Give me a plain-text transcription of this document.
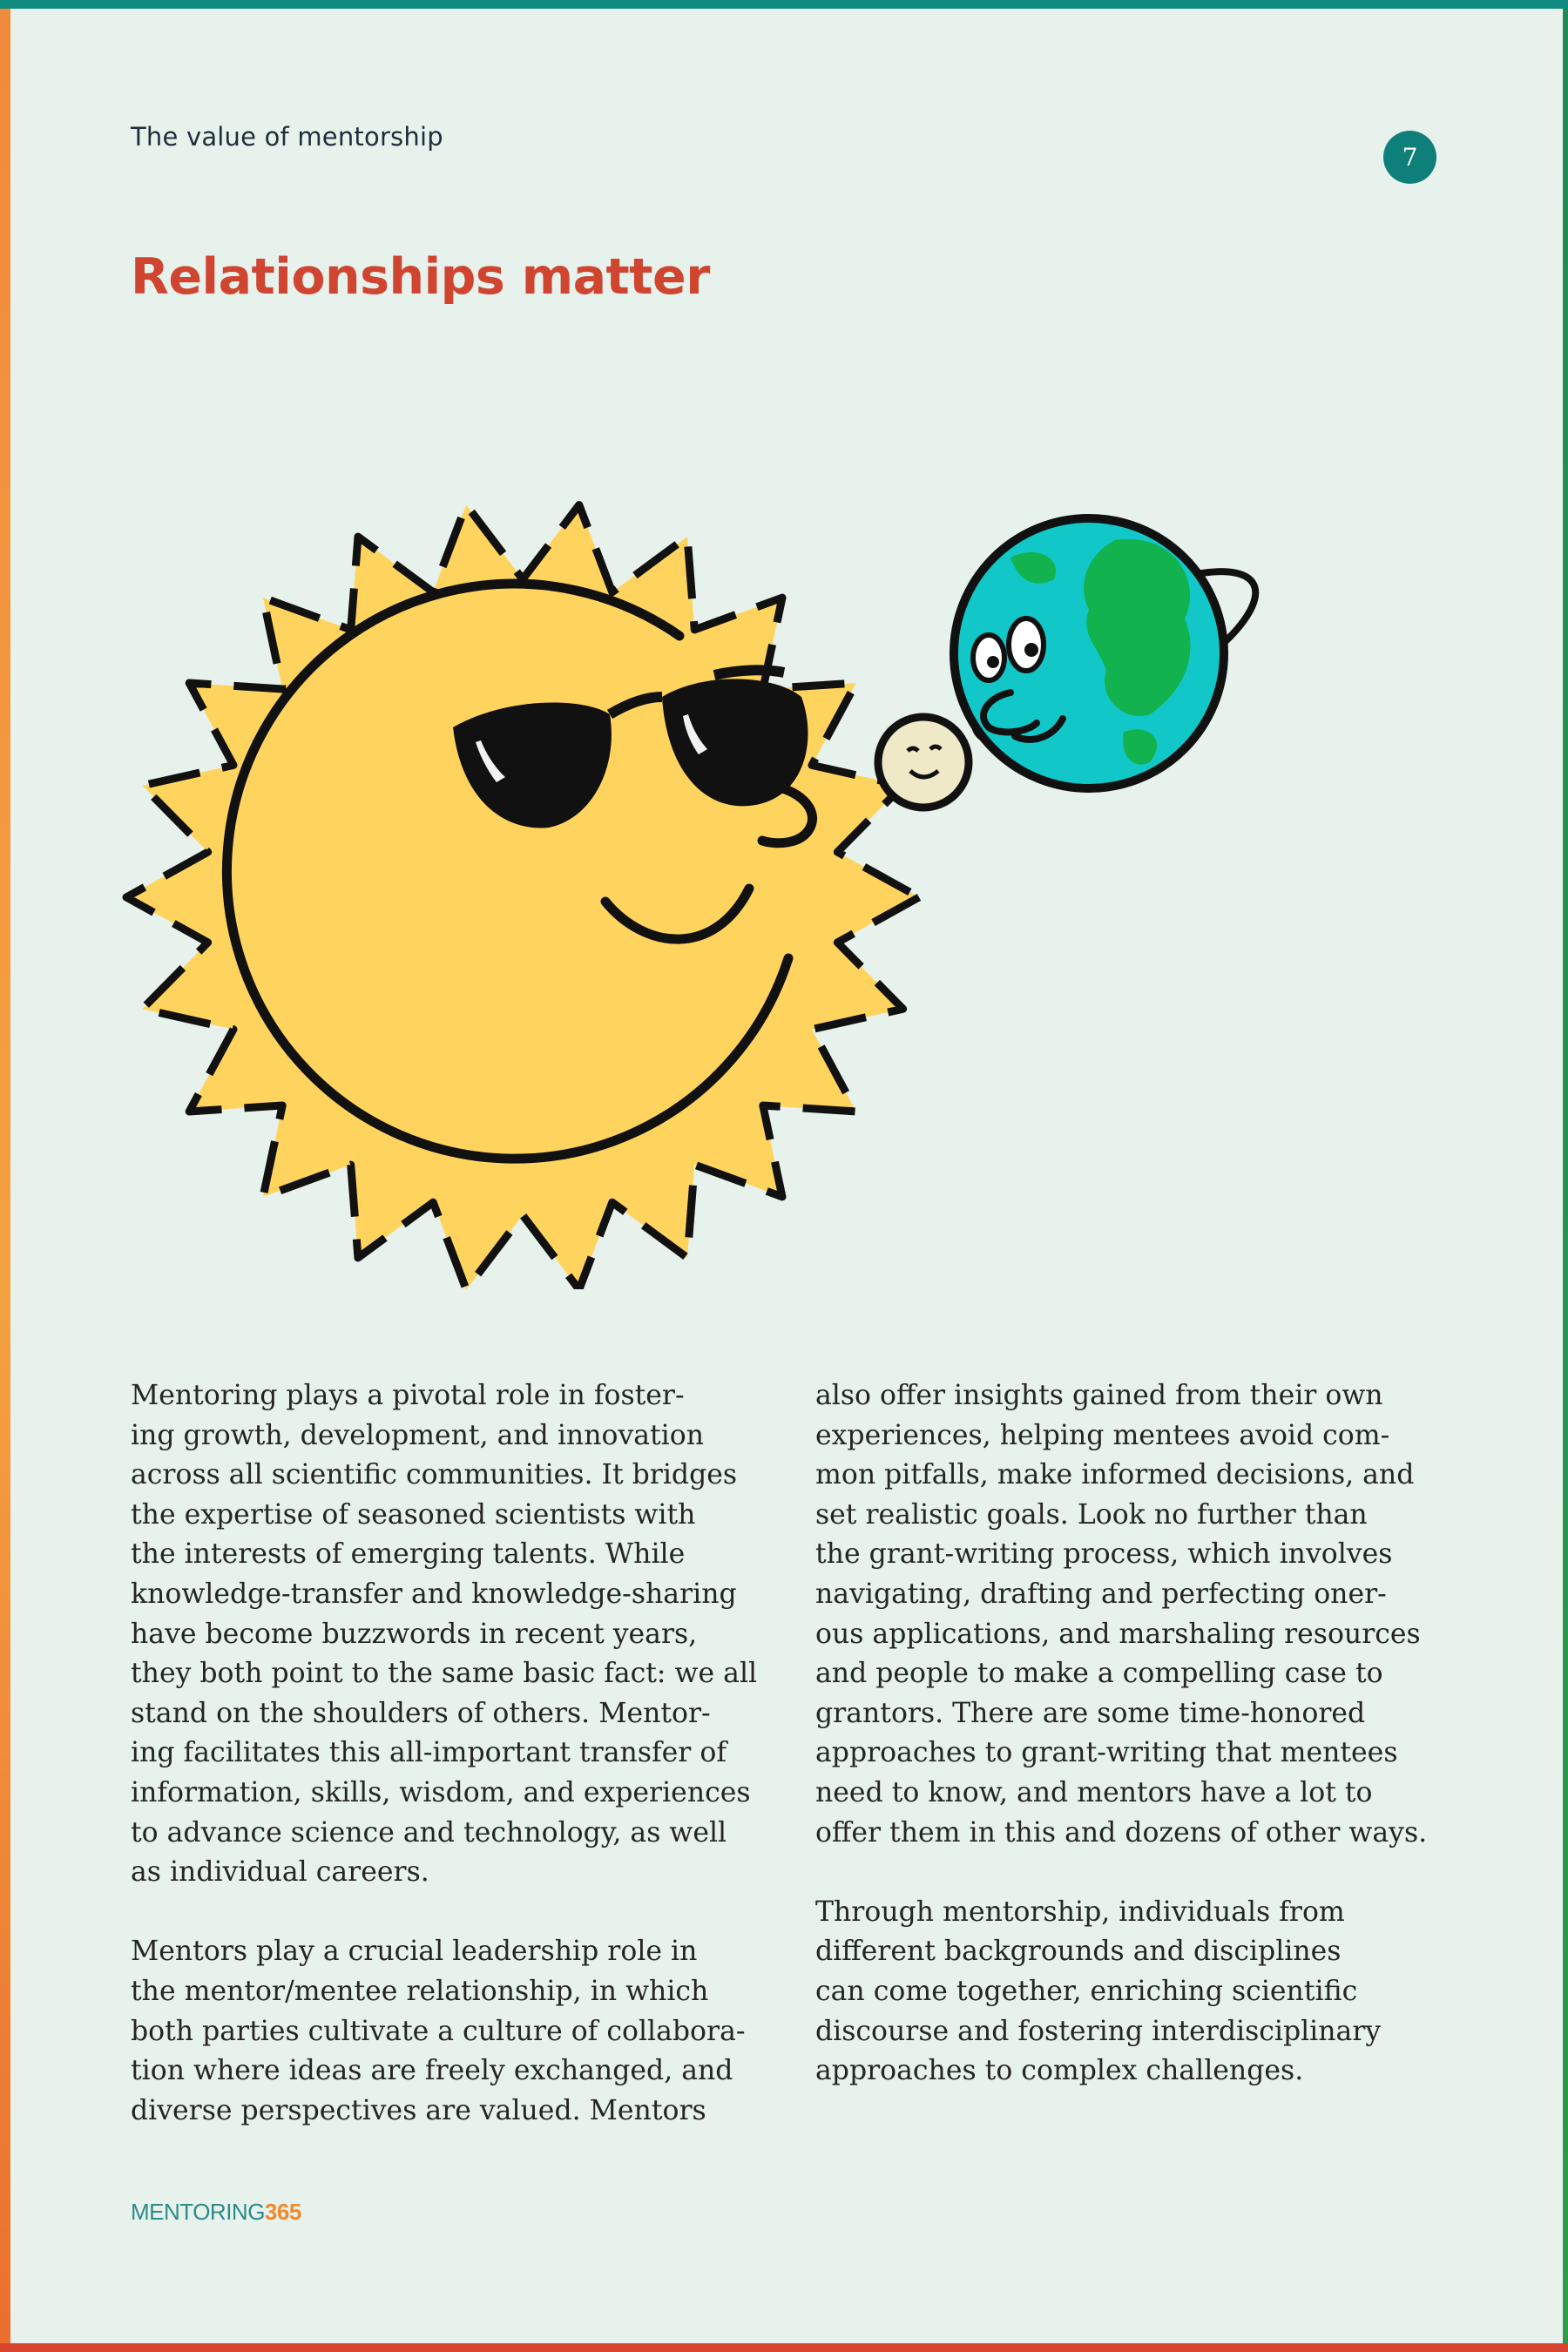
The value of mentorship
7
Relationships matter

Mentoring plays a pivotal role in foster-
ing growth, development, and innovation
across all scientific communities. It bridges
the expertise of seasoned scientists with
the interests of emerging talents. While
knowledge-transfer and knowledge-sharing
have become buzzwords in recent years,
they both point to the same basic fact: we all
stand on the shoulders of others. Mentor-
ing facilitates this all-important transfer of
information, skills, wisdom, and experiences
to advance science and technology, as well
as individual careers.

Mentors play a crucial leadership role in
the mentor/mentee relationship, in which
both parties cultivate a culture of collabora-
tion where ideas are freely exchanged, and
diverse perspectives are valued. Mentors

also offer insights gained from their own
experiences, helping mentees avoid com-
mon pitfalls, make informed decisions, and
set realistic goals. Look no further than
the grant-writing process, which involves
navigating, drafting and perfecting oner-
ous applications, and marshaling resources
and people to make a compelling case to
grantors. There are some time-honored
approaches to grant-writing that mentees
need to know, and mentors have a lot to
offer them in this and dozens of other ways.

Through mentorship, individuals from
different backgrounds and disciplines
can come together, enriching scientific
discourse and fostering interdisciplinary
approaches to complex challenges.

MENTORING365
